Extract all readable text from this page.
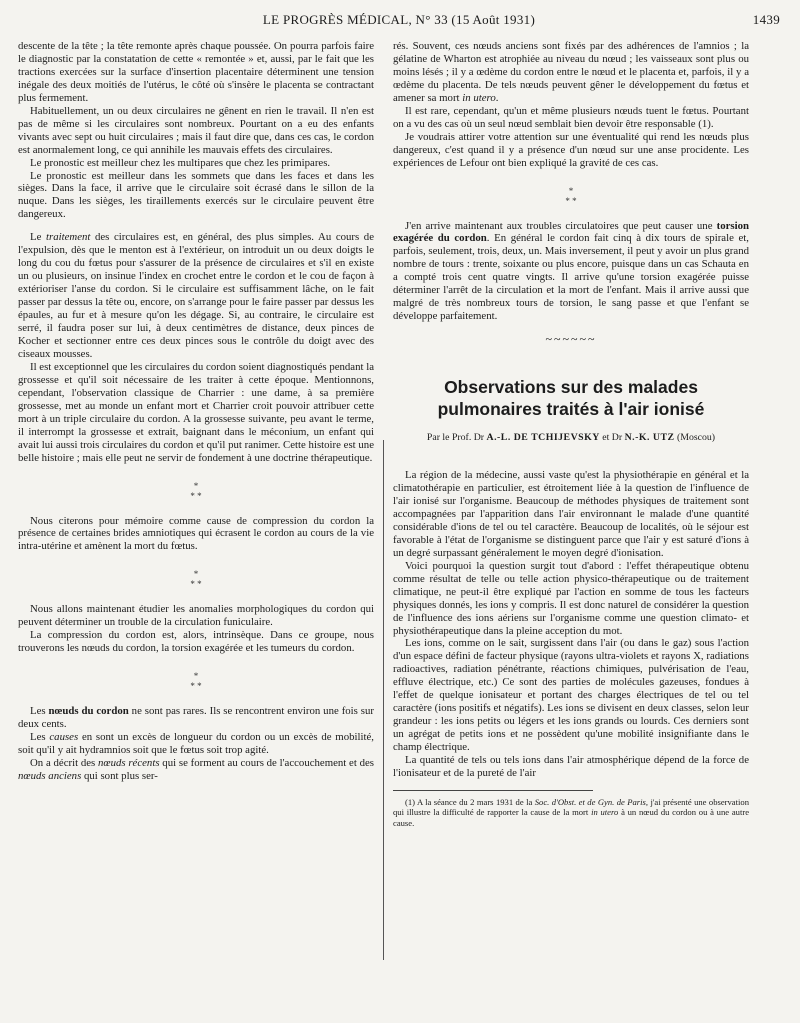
LE PROGRÈS MÉDICAL, N° 33 (15 Août 1931)	1439

descente de la tête ; la tête remonte après chaque poussée. On pourra parfois faire le diagnostic par la constatation de cette « remontée » et, aussi, par le fait que les tractions exercées sur la surface d'insertion placentaire déterminent une tension inégale des deux moitiés de l'utérus, le côté où s'insère le placenta se contractant plus fermement.

Habituellement, un ou deux circulaires ne gênent en rien le travail. Il n'en est pas de même si les circulaires sont nombreux. Pourtant on a eu des enfants vivants avec sept ou huit circulaires ; mais il faut dire que, dans ces cas, le cordon est anormalement long, ce qui annihile les mauvais effets des circulaires.

Le pronostic est meilleur chez les multipares que chez les primipares.

Le pronostic est meilleur dans les sommets que dans les faces et dans les sièges. Dans la face, il arrive que le circulaire soit écrasé dans le sillon de la nuque. Dans les sièges, les tiraillements exercés sur le circulaire peuvent être dangereux.

Le traitement des circulaires est, en général, des plus simples. Au cours de l'expulsion, dès que le menton est à l'extérieur, on introduit un ou deux doigts le long du cou du fœtus pour s'assurer de la présence de circulaires et s'il en existe un ou plusieurs, on insinue l'index en crochet entre le cordon et le cou de façon à extérioriser l'anse du cordon. Si le circulaire est suffisamment lâche, on le fait passer par dessus la tête ou, encore, on s'arrange pour le faire passer par dessus les épaules, au fur et à mesure qu'on les dégage. Si, au contraire, le circulaire est serré, il faudra poser sur lui, à deux centimètres de distance, deux pinces de Kocher et sectionner entre ces deux pinces sous le contrôle du doigt avec des ciseaux mousses.

Il est exceptionnel que les circulaires du cordon soient diagnostiqués pendant la grossesse et qu'il soit nécessaire de les traiter à cette époque. Mentionnons, cependant, l'observation classique de Charrier : une dame, à sa première grossesse, met au monde un enfant mort et Charrier croit pouvoir attribuer cette mort à un triple circulaire du cordon. A la grossesse suivante, peu avant le terme, il interrompt la grossesse et extrait, baignant dans le méconium, un enfant qui avait lui aussi trois circulaires du cordon et qu'il put ranimer. Cette histoire est une belle histoire ; mais elle peut ne servir de fondement à une doctrine thérapeutique.

*
* *

Nous citerons pour mémoire comme cause de compression du cordon la présence de certaines brides amniotiques qui écrasent le cordon au cours de la vie intra-utérine et amènent la mort du fœtus.

*
* *

Nous allons maintenant étudier les anomalies morphologiques du cordon qui peuvent déterminer un trouble de la circulation funiculaire.

La compression du cordon est, alors, intrinsèque. Dans ce groupe, nous trouverons les nœuds du cordon, la torsion exagérée et les tumeurs du cordon.

*
* *

Les nœuds du cordon ne sont pas rares. Ils se rencontrent environ une fois sur deux cents.

Les causes en sont un excès de longueur du cordon ou un excès de mobilité, soit qu'il y ait hydramnios soit que le fœtus soit trop agité.

On a décrit des nœuds récents qui se forment au cours de l'accouchement et des nœuds anciens qui sont plus ser-

rés. Souvent, ces nœuds anciens sont fixés par des adhérences de l'amnios ; la gélatine de Wharton est atrophiée au niveau du nœud ; les vaisseaux sont plus ou moins lésés ; il y a œdème du cordon entre le nœud et le placenta et, parfois, il y a œdème du placenta. De tels nœuds peuvent gêner le développement du fœtus et amener sa mort in utero.

Il est rare, cependant, qu'un et même plusieurs nœuds tuent le fœtus. Pourtant on a vu des cas où un seul nœud semblait bien devoir être responsable (1).

Je voudrais attirer votre attention sur une éventualité qui rend les nœuds plus dangereux, c'est quand il y a présence d'un nœud sur une anse procidente. Les expériences de Lefour ont bien expliqué la gravité de ces cas.

*
* *

J'en arrive maintenant aux troubles circulatoires que peut causer une torsion exagérée du cordon. En général le cordon fait cinq à dix tours de spirale et, parfois, seulement, trois, deux, un. Mais inversement, il peut y avoir un plus grand nombre de tours : trente, soixante ou plus encore, puisque dans un cas Schauta en a compté trois cent quatre vingts. Il arrive qu'une torsion exagérée puisse déterminer l'arrêt de la circulation et la mort de l'enfant. Mais il arrive aussi que malgré de très nombreux tours de torsion, le sang passe et que l'enfant se développe parfaitement.

~~~~~~
Observations sur des malades
pulmonaires traités à l'air ionisé
Par le Prof. Dr A.-L. DE TCHIJEVSKY et Dr N.-K. UTZ (Moscou)

La région de la médecine, aussi vaste qu'est la physiothérapie en général et la climatothérapie en particulier, est étroitement liée à la question de l'influence de l'air ionisé sur l'organisme. Beaucoup de méthodes physiques de traitement sont accompagnées par l'apparition dans l'air environnant le malade d'une quantité considérable d'ions de tel ou tel caractère. Beaucoup de localités, où le séjour est favorable à l'état de l'organisme se distinguent parce que l'air y est saturé d'ions à un degré surpassant généralement le moyen degré d'ionisation.

Voici pourquoi la question surgit tout d'abord : l'effet thérapeutique obtenu comme résultat de telle ou telle action physico-thérapeutique ou de traitement climatique, ne peut-il être expliqué par l'action en somme de tous les facteurs physiques donnés, les ions y compris. Il est donc naturel de considérer la question de l'influence des ions aériens sur l'organisme comme une question climato- et physiothérapeutique dans la pleine acception du mot.

Les ions, comme on le sait, surgissent dans l'air (ou dans le gaz) sous l'action d'un espace défini de facteur physique (rayons ultra-violets et rayons X, radiations radioactives, radiation pénétrante, réactions chimiques, pulvérisation de l'eau, effluve électrique, etc.) Ce sont des parties de molécules gazeuses, fondues à l'effet de quelque ionisateur et portant des charges électriques de tel ou tel caractère (ions positifs et négatifs). Les ions se divisent en deux classes, selon leur grandeur : les ions petits ou légers et les ions grands ou lourds. Ces derniers sont un agrégat de petits ions et ne possèdent qu'une mobilité insignifiante dans le champ électrique.

La quantité de tels ou tels ions dans l'air atmosphérique dépend de la force de l'ionisateur et de la pureté de l'air

(1) A la séance du 2 mars 1931 de la Soc. d'Obst. et de Gyn. de Paris, j'ai présenté une observation qui illustre la difficulté de rapporter la cause de la mort in utero à un nœud du cordon ou à une autre cause.
